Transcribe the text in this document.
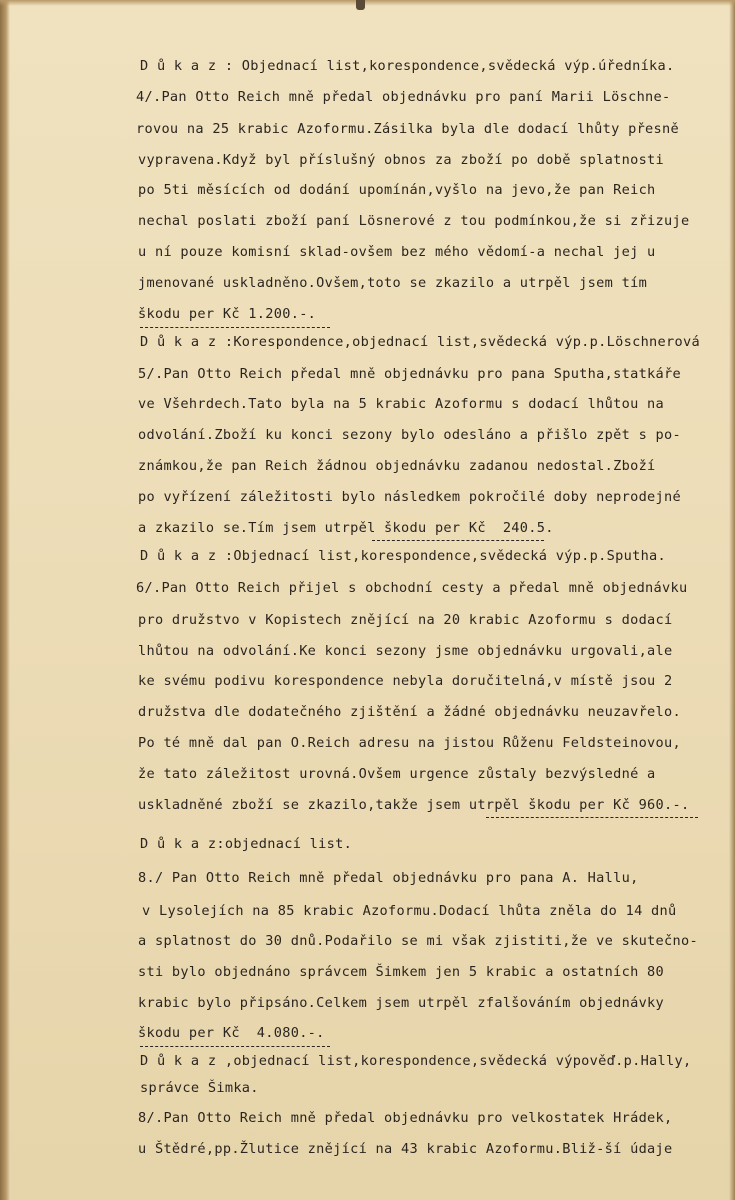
D ů k a z : Objednací list,korespondence,svědecká výp.úředníka.
4/.Pan Otto Reich mně předal objednávku pro paní Marii Löschne-
rovou na 25 krabic Azoformu.Zásilka byla dle dodací lhůty přesně
vypravena.Když byl příslušný obnos za zboží po době splatnosti
po 5ti měsících od dodání upomínán,vyšlo na jevo,že pan Reich
nechal poslati zboží paní Lösnerové z tou podmínkou,že si zřizuje
u ní pouze komisní sklad-ovšem bez mého vědomí-a nechal jej u
jmenované uskladněno.Ovšem,toto se zkazilo a utrpěl jsem tím
škodu per Kč 1.200.-.
D ů k a z :Korespondence,objednací list,svědecká výp.p.Löschnerová
5/.Pan Otto Reich předal mně objednávku pro pana Sputha,statkáře
ve Všehrdech.Tato byla na 5 krabic Azoformu s dodací lhůtou na
odvolání.Zboží ku konci sezony bylo odesláno a přišlo zpět s po-
známkou,že pan Reich žádnou objednávku zadanou nedostal.Zboží
po vyřízení záležitosti bylo následkem pokročilé doby neprodejné
a zkazilo se.Tím jsem utrpěl škodu per Kč  240.5.
D ů k a z :Objednací list,korespondence,svědecká výp.p.Sputha.
6/.Pan Otto Reich přijel s obchodní cesty a předal mně objednávku
pro družstvo v Kopistech znějící na 20 krabic Azoformu s dodací
lhůtou na odvolání.Ke konci sezony jsme objednávku urgovali,ale
ke svému podivu korespondence nebyla doručitelná,v místě jsou 2
družstva dle dodatečného zjištění a žádné objednávku neuzavřelo.
Po té mně dal pan O.Reich adresu na jistou Růženu Feldsteinovou,
že tato záležitost urovná.Ovšem urgence zůstaly bezvýsledné a
uskladněné zboží se zkazilo,takže jsem utrpěl škodu per Kč 960.-.
D ů k a z:objednací list.
8./ Pan Otto Reich mně předal objednávku pro pana A. Hallu,
v Lysolejích na 85 krabic Azoformu.Dodací lhůta zněla do 14 dnů
a splatnost do 30 dnů.Podařilo se mi však zjistiti,že ve skutečno-
sti bylo objednáno správcem Šimkem jen 5 krabic a ostatních 80
krabic bylo připsáno.Celkem jsem utrpěl zfalšováním objednávky
škodu per Kč  4.080.-.
D ů k a z ,objednací list,korespondence,svědecká výpověď.p.Hally,
správce Šimka.
8/.Pan Otto Reich mně předal objednávku pro velkostatek Hrádek,
u Štědré,pp.Žlutice znějící na 43 krabic Azoformu.Bliž-ší údaje
